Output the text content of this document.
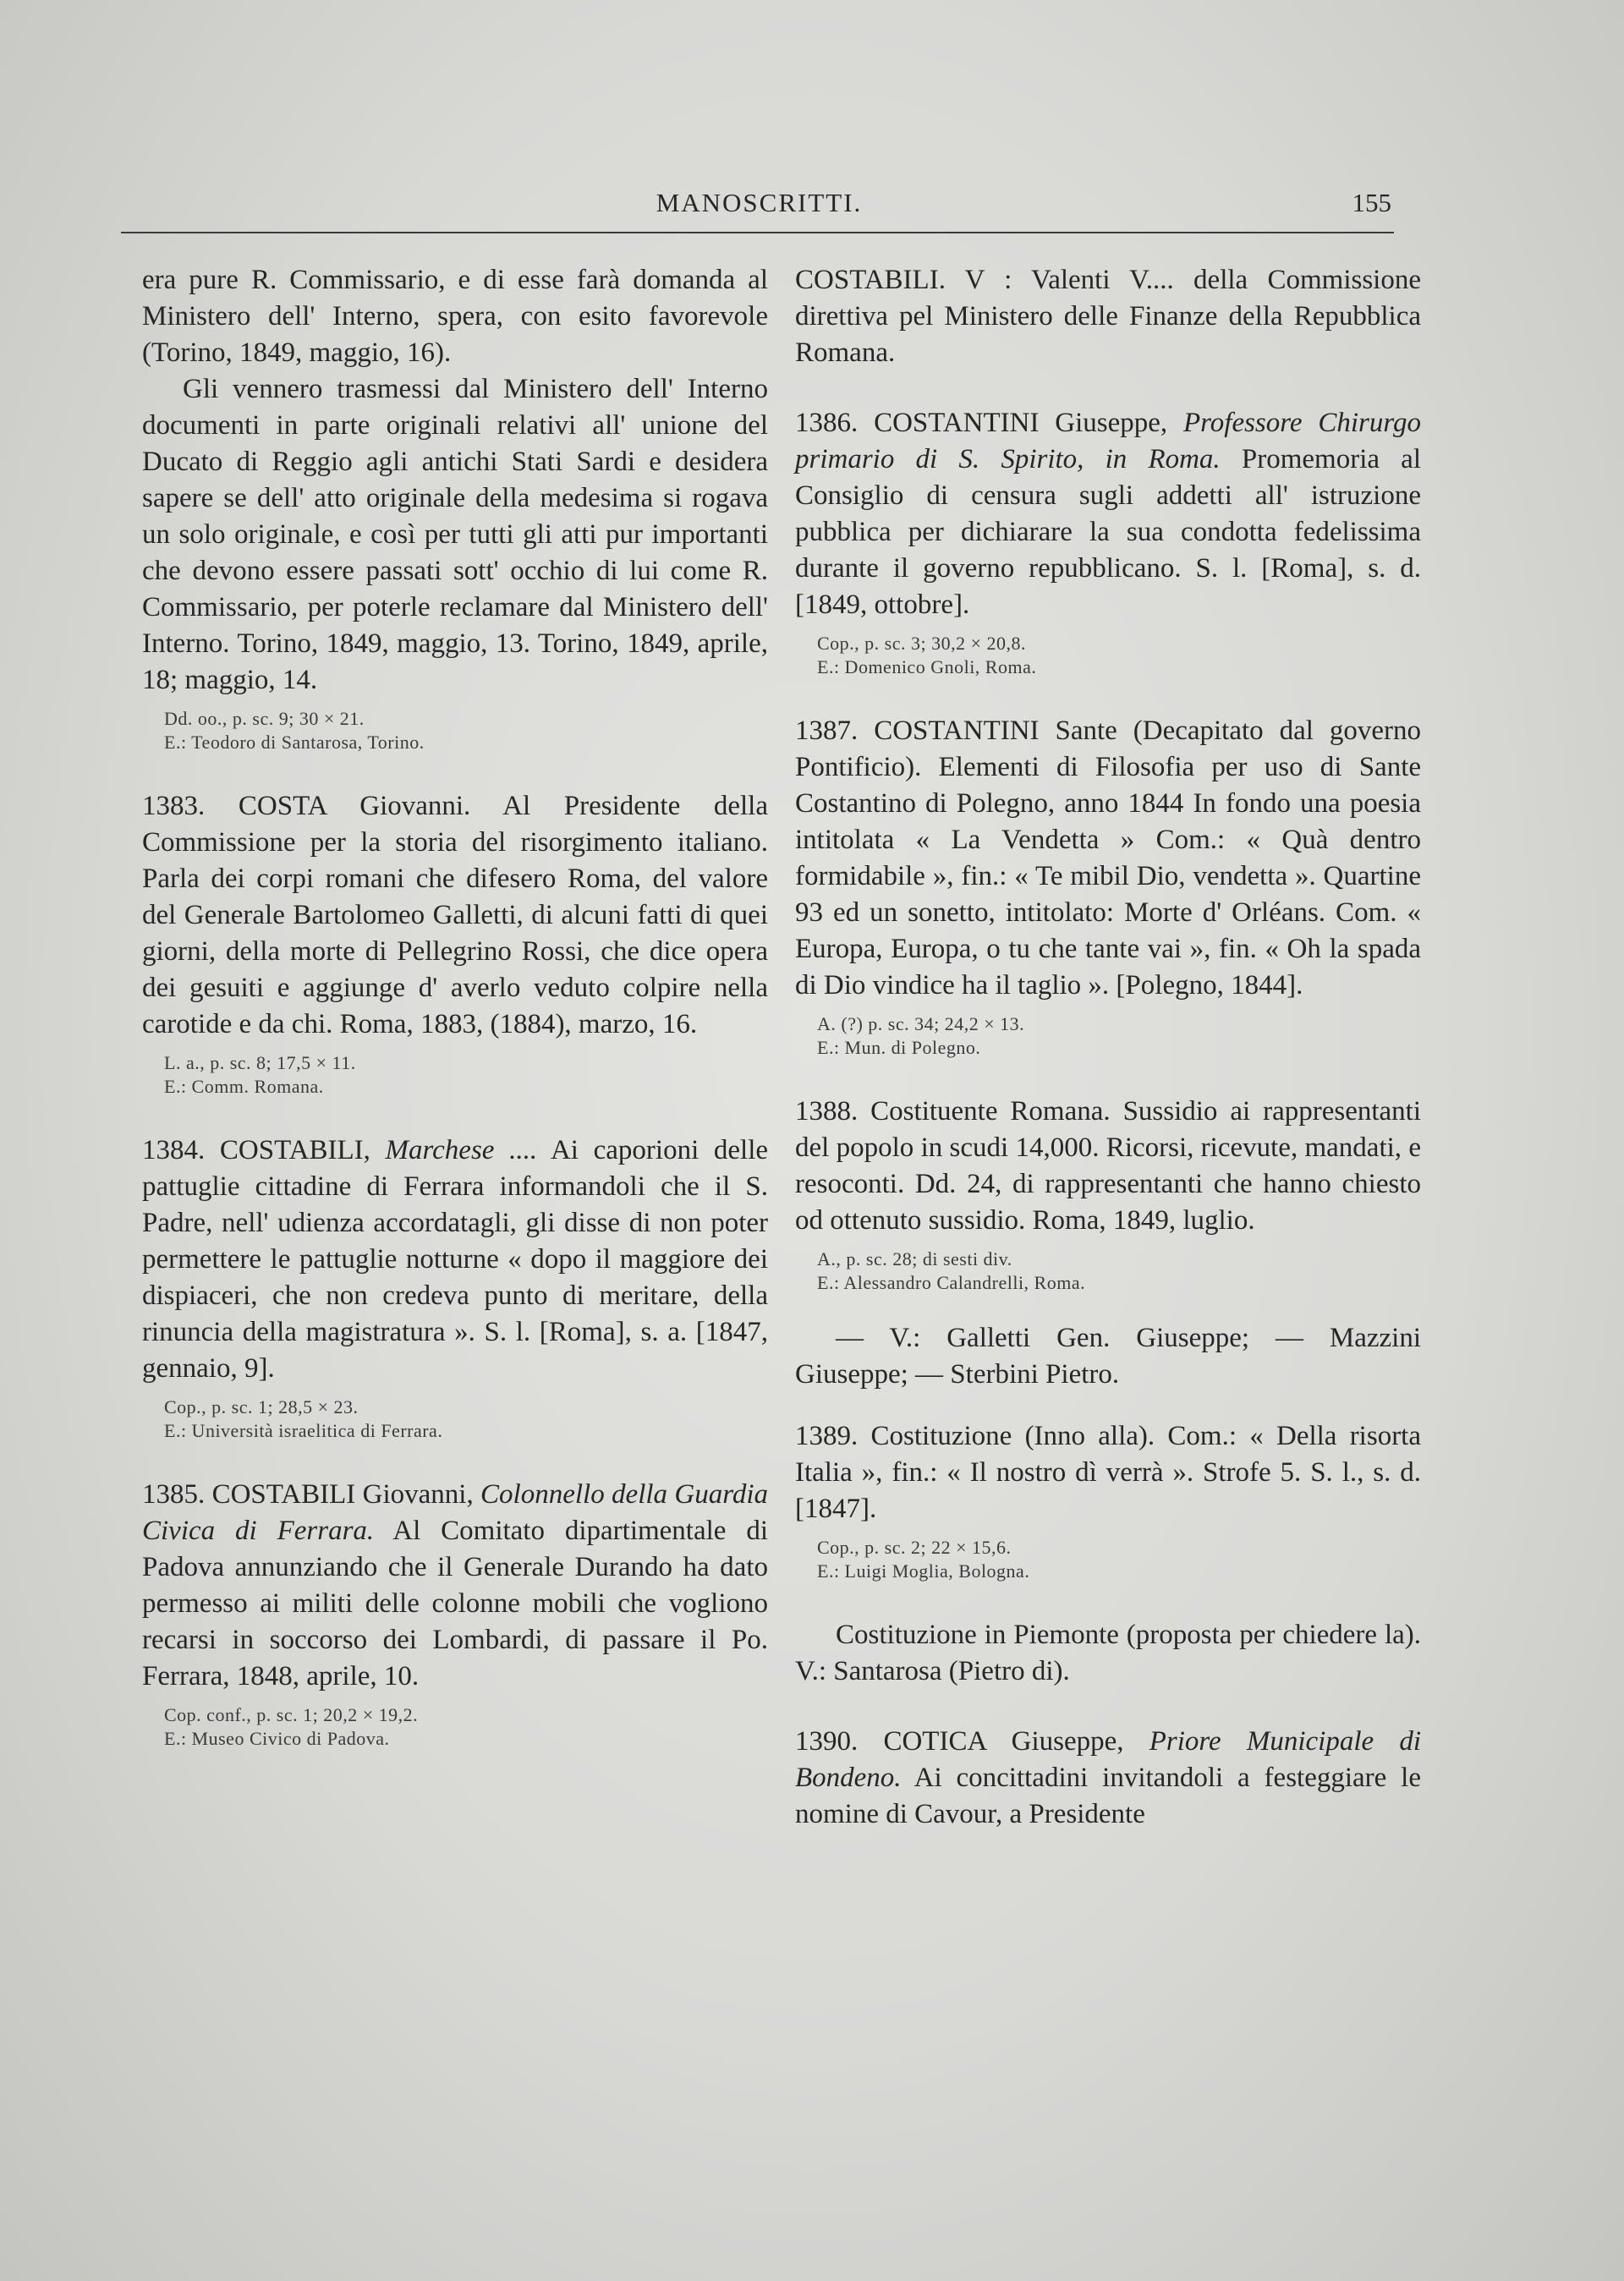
MANOSCRITTI.	155

era pure R. Commissario, e di esse farà domanda al Ministero dell' Interno, spera, con esito favorevole (Torino, 1849, maggio, 16).

Gli vennero trasmessi dal Ministero dell' Interno documenti in parte originali relativi all' unione del Ducato di Reggio agli antichi Stati Sardi e desidera sapere se dell' atto originale della medesima si rogava un solo originale, e così per tutti gli atti pur importanti che devono essere passati sott' occhio di lui come R. Commissario, per poterle reclamare dal Ministero dell' Interno. Torino, 1849, maggio, 13. Torino, 1849, aprile, 18; maggio, 14.

Dd. oo., p. sc. 9; 30 × 21.
E.: Teodoro di Santarosa, Torino.

1383. COSTA Giovanni. Al Presidente della Commissione per la storia del risorgimento italiano. Parla dei corpi romani che difesero Roma, del valore del Generale Bartolomeo Galletti, di alcuni fatti di quei giorni, della morte di Pellegrino Rossi, che dice opera dei gesuiti e aggiunge d' averlo veduto colpire nella carotide e da chi. Roma, 1883, (1884), marzo, 16.

L. a., p. sc. 8; 17,5 × 11.
E.: Comm. Romana.

1384. COSTABILI, Marchese .... Ai caporioni delle pattuglie cittadine di Ferrara informandoli che il S. Padre, nell' udienza accordatagli, gli disse di non poter permettere le pattuglie notturne « dopo il maggiore dei dispiaceri, che non credeva punto di meritare, della rinuncia della magistratura ». S. l. [Roma], s. a. [1847, gennaio, 9].

Cop., p. sc. 1; 28,5 × 23.
E.: Università israelitica di Ferrara.

1385. COSTABILI Giovanni, Colonnello della Guardia Civica di Ferrara. Al Comitato dipartimentale di Padova annunziando che il Generale Durando ha dato permesso ai militi delle colonne mobili che vogliono recarsi in soccorso dei Lombardi, di passare il Po. Ferrara, 1848, aprile, 10.

Cop. conf., p. sc. 1; 20,2 × 19,2.
E.: Museo Civico di Padova.

COSTABILI. V : Valenti V.... della Commissione direttiva pel Ministero delle Finanze della Repubblica Romana.

1386. COSTANTINI Giuseppe, Professore Chirurgo primario di S. Spirito, in Roma. Promemoria al Consiglio di censura sugli addetti all' istruzione pubblica per dichiarare la sua condotta fedelissima durante il governo repubblicano. S. l. [Roma], s. d. [1849, ottobre].

Cop., p. sc. 3; 30,2 × 20,8.
E.: Domenico Gnoli, Roma.

1387. COSTANTINI Sante (Decapitato dal governo Pontificio). Elementi di Filosofia per uso di Sante Costantino di Polegno, anno 1844 In fondo una poesia intitolata « La Vendetta » Com.: « Quà dentro formidabile », fin.: « Te mibil Dio, vendetta ». Quartine 93 ed un sonetto, intitolato: Morte d' Orléans. Com. « Europa, Europa, o tu che tante vai », fin. « Oh la spada di Dio vindice ha il taglio ». [Polegno, 1844].

A. (?) p. sc. 34; 24,2 × 13.
E.: Mun. di Polegno.

1388. Costituente Romana. Sussidio ai rappresentanti del popolo in scudi 14,000. Ricorsi, ricevute, mandati, e resoconti. Dd. 24, di rappresentanti che hanno chiesto od ottenuto sussidio. Roma, 1849, luglio.

A., p. sc. 28; di sesti div.
E.: Alessandro Calandrelli, Roma.

— V.: Galletti Gen. Giuseppe; — Mazzini Giuseppe; — Sterbini Pietro.

1389. Costituzione (Inno alla). Com.: « Della risorta Italia », fin.: « Il nostro dì verrà ». Strofe 5. S. l., s. d. [1847].

Cop., p. sc. 2; 22 × 15,6.
E.: Luigi Moglia, Bologna.

Costituzione in Piemonte (proposta per chiedere la). V.: Santarosa (Pietro di).

1390. COTICA Giuseppe, Priore Municipale di Bondeno. Ai concittadini invitandoli a festeggiare le nomine di Cavour, a Presidente
